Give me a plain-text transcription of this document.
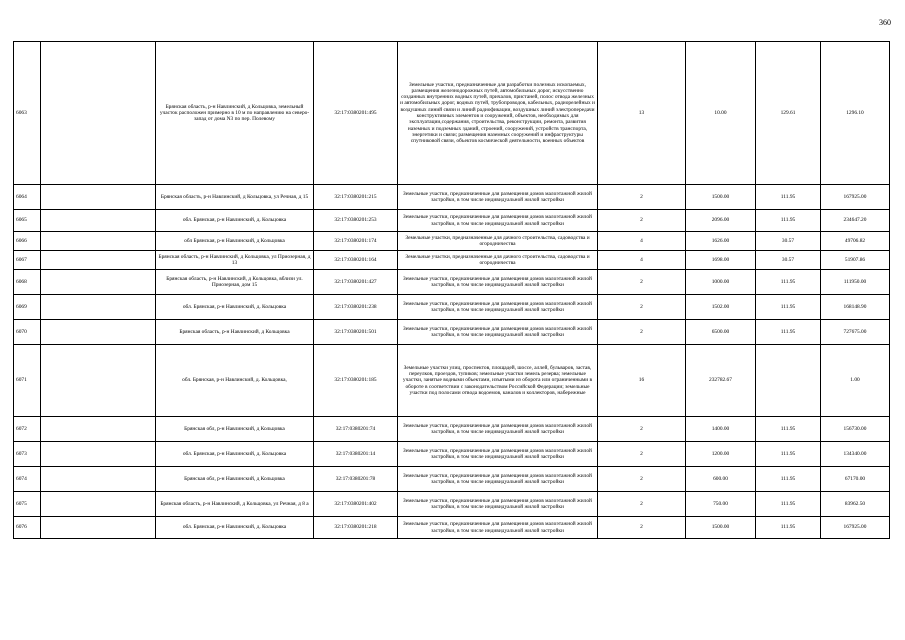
360
6063		Брянская область, р-н Навлинский, д Кольцовка, земельный участок расположен примерно в 10 м по направлению на северо-запад от дома N3 по пер. Полевому	32:17:0380201:495	Земельные участки, предназначенные для разработки полезных ископаемых, размещения железнодорожных путей, автомобильных дорог, искусственно созданных внутренних водных путей, причалов, пристаней, полос отвода железных и автомобильных дорог, водных путей, трубопроводов, кабельных, радиорелейных и воздушных линий связи и линий радиофикации, воздушных линий электропередачи конструктивных элементов и сооружений, объектов, необходимых для эксплуатации,содержания, строительства, реконструкции, ремонта, развития наземных и подземных зданий, строений, сооружений, устройств транспорта, энергетики и связи; размещения наземных сооружений и инфраструктуры спутниковой связи, объектов космической деятельности, военных объектов	13	10.00	129.61	1296.10
6064		Брянская область, р-н Навлинский, д Кольцовка, ул Речная, д 15	32:17:0380201:215	Земельные участки, предназначенные для размещения домов малоэтажной жилой застройки, в том числе индивидуальной жилой застройки	2	1500.00	111.95	167925.00
6065		обл. Брянская, р-н Навлинский, д. Кольцовка	32:17:0380201:253	Земельные участки, предназначенные для размещения домов малоэтажной жилой застройки, в том числе индивидуальной жилой застройки	2	2096.00	111.95	234647.20
6066		обл Брянская, р-н Навлинский, д Кольцовка	32:17:0380201:174	Земельные участки, предназначенные для дачного строительства, садоводства и огородничества	4	1626.00	30.57	49706.82
6067		Брянская область, р-н Навлинский, д Кольцовка, ул Приозерная, д 13	32:17:0380201:164	Земельные участки, предназначенные для дачного строительства, садоводства и огородничества	4	1698.00	30.57	51907.86
6068		Брянская область, р-н Навлинский, д Кольцовка, вблизи ул. Приозерная, дом 15	32:17:0380201:427	Земельные участки, предназначенные для размещения домов малоэтажной жилой застройки, в том числе индивидуальной жилой застройки	2	1000.00	111.95	111950.00
6069		обл. Брянская, р-н Навлинский, д. Кольцовка	32:17:0380201:238	Земельные участки, предназначенные для размещения домов малоэтажной жилой застройки, в том числе индивидуальной жилой застройки	2	1502.00	111.95	168148.90
6070		Брянская область, р-н Навлинский, д Кольцовка	32:17:0380201:501	Земельные участки, предназначенные для размещения домов малоэтажной жилой застройки, в том числе индивидуальной жилой застройки	2	6500.00	111.95	727675.00
6071		обл. Брянская, р-н Навлинский, д. Кольцовка,	32:17:0380201:185	Земельные участки улиц, проспектов, площадей, шоссе, аллей, бульваров, застав, переулков, проездов, тупиков; земельные участки земель резерва; земельные участки, занятые водными объектами, изъятыми из оборота или ограниченными в обороте в соответствии с законодательством Российской Федерации; земельные участки под полосами отвода водоемов, каналов и коллекторов, набережные	16	232782.67		1.00
6072		Брянская обл, р-н Навлинский, д Кольцовка	32:17:0380201:74	Земельные участки, предназначенные для размещения домов малоэтажной жилой застройки, в том числе индивидуальной жилой застройки	2	1400.00	111.95	156730.00
6073		обл. Брянская, р-н Навлинский, д. Кольцовка	32:17:0380201:14	Земельные участки, предназначенные для размещения домов малоэтажной жилой застройки, в том числе индивидуальной жилой застройки	2	1200.00	111.95	134340.00
6074		Брянская обл, р-н Навлинский, д Кольцовка	32:17:0380201:78	Земельные участки, предназначенные для размещения домов малоэтажной жилой застройки, в том числе индивидуальной жилой застройки	2	600.00	111.95	67170.00
6075		Брянская область, р-н Навлинский, д Кольцовка, ул Речная, д 8 а	32:17:0380201:402	Земельные участки, предназначенные для размещения домов малоэтажной жилой застройки, в том числе индивидуальной жилой застройки	2	750.00	111.95	83962.50
6076		обл. Брянская, р-н Навлинский, д. Кольцовка	32:17:0380201:218	Земельные участки, предназначенные для размещения домов малоэтажной жилой застройки, в том числе индивидуальной жилой застройки	2	1500.00	111.95	167925.00
